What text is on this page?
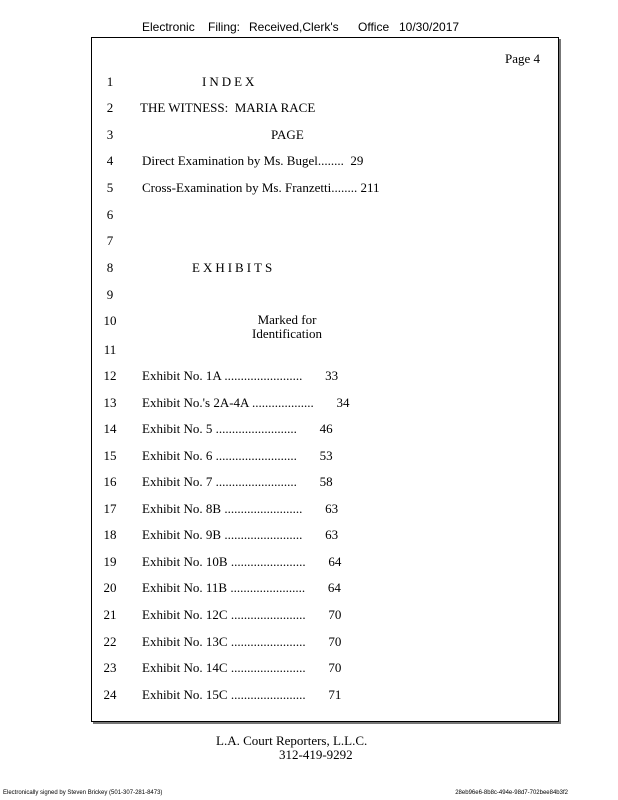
Electronic Filing: Received,Clerk's Office 10/30/2017
Page 4
1
2
3
4
5
6
7
8
9
10
11
12
13
14
15
16
17
18
19
20
21
22
23
24
INDEX
THE WITNESS:  MARIA RACE
PAGE
Direct Examination by Ms. Bugel........  29
Cross-Examination by Ms. Franzetti........ 211
EXHIBITS
Marked for
Identification
Exhibit No. 1A ........................       33
Exhibit No.'s 2A-4A ...................       34
Exhibit No. 5 .........................       46
Exhibit No. 6 .........................       53
Exhibit No. 7 .........................       58
Exhibit No. 8B ........................       63
Exhibit No. 9B ........................       63
Exhibit No. 10B .......................       64
Exhibit No. 11B .......................       64
Exhibit No. 12C .......................       70
Exhibit No. 13C .......................       70
Exhibit No. 14C .......................       70
Exhibit No. 15C .......................       71
L.A. Court Reporters, L.L.C.
312-419-9292
Electronically signed by Steven Brickey (501-307-281-8473)	28eb96e6-8b8c-494e-98d7-702bee84b3f2
